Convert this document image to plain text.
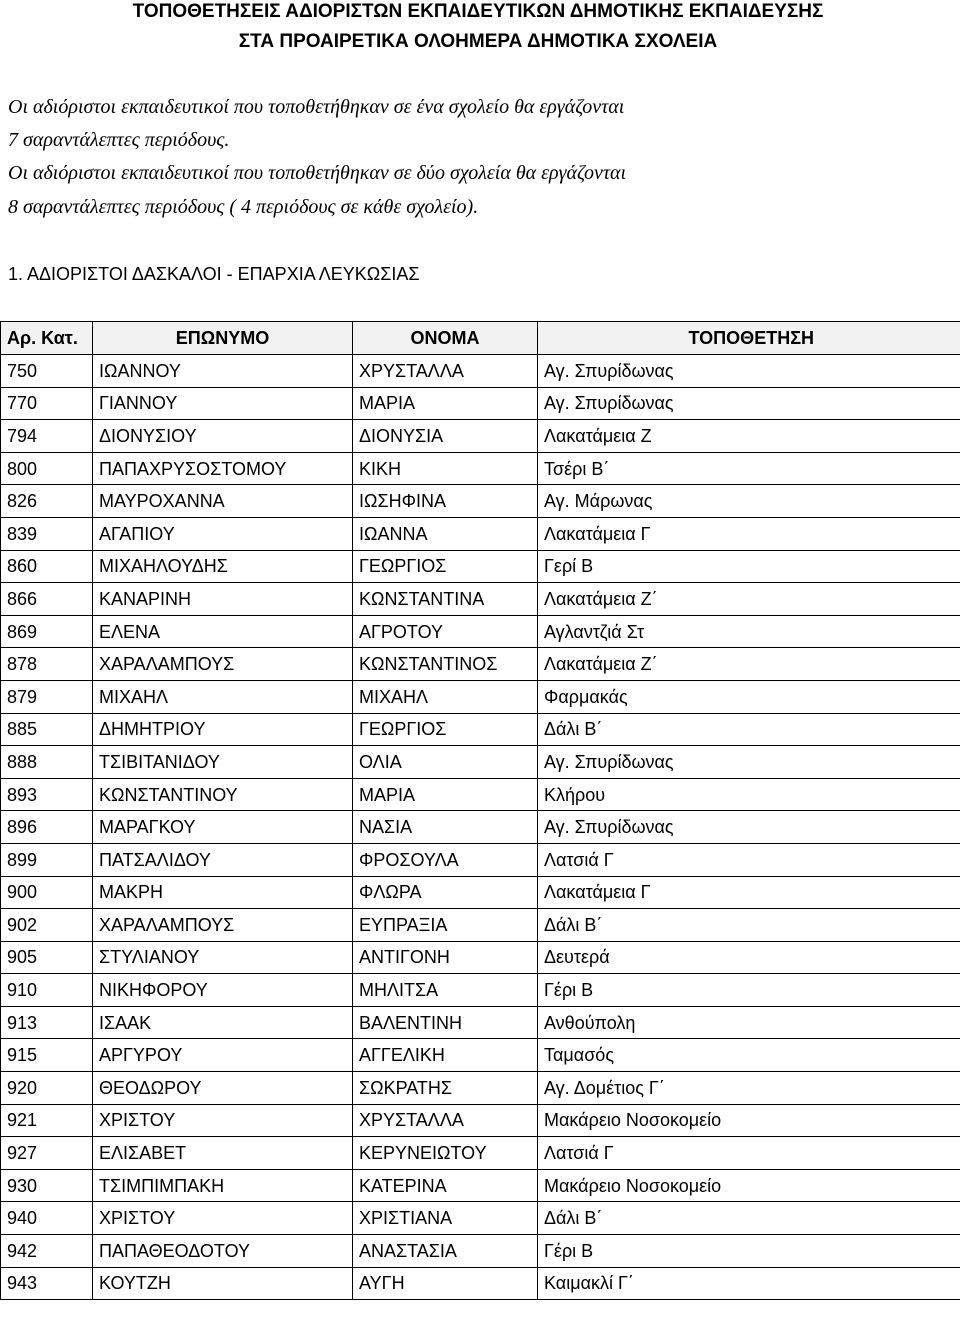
ΤΟΠΟΘΕΤΗΣΕΙΣ ΑΔΙΟΡΙΣΤΩΝ ΕΚΠΑΙΔΕΥΤΙΚΩΝ ΔΗΜΟΤΙΚΗΣ ΕΚΠΑΙΔΕΥΣΗΣ
ΣΤΑ ΠΡΟΑΙΡΕΤΙΚΑ ΟΛΟΗΜΕΡΑ ΔΗΜΟΤΙΚΑ ΣΧΟΛΕΙΑ
Οι αδιόριστοι εκπαιδευτικοί που τοποθετήθηκαν σε ένα σχολείο θα εργάζονται
7 σαραντάλεπτες περιόδους.
Οι αδιόριστοι εκπαιδευτικοί που τοποθετήθηκαν σε δύο σχολεία θα εργάζονται
8 σαραντάλεπτες περιόδους ( 4 περιόδους σε κάθε σχολείο).
1. ΑΔΙΟΡΙΣΤΟΙ ΔΑΣΚΑΛΟΙ - ΕΠΑΡΧΙΑ ΛΕΥΚΩΣΙΑΣ
Αρ. Κατ.	ΕΠΩΝΥΜΟ	ΟΝΟΜΑ	ΤΟΠΟΘΕΤΗΣΗ
750	ΙΩΑΝΝΟΥ	ΧΡΥΣΤΑΛΛΑ	Αγ. Σπυρίδωνας
770	ΓΙΑΝΝΟΥ	ΜΑΡΙΑ	Αγ. Σπυρίδωνας
794	ΔΙΟΝΥΣΙΟΥ	ΔΙΟΝΥΣΙΑ	Λακατάμεια Ζ
800	ΠΑΠΑΧΡΥΣΟΣΤΟΜΟΥ	ΚΙΚΗ	Τσέρι Β΄
826	ΜΑΥΡΟΧΑΝΝΑ	ΙΩΣΗΦΙΝΑ	Αγ. Μάρωνας
839	ΑΓΑΠΙΟΥ	ΙΩΑΝΝΑ	Λακατάμεια Γ
860	ΜΙΧΑΗΛΟΥΔΗΣ	ΓΕΩΡΓΙΟΣ	Γερί Β
866	ΚΑΝΑΡΙΝΗ	ΚΩΝΣΤΑΝΤΙΝΑ	Λακατάμεια Ζ΄
869	ΕΛΕΝΑ	ΑΓΡΟΤΟΥ	Αγλαντζιά Στ
878	ΧΑΡΑΛΑΜΠΟΥΣ	ΚΩΝΣΤΑΝΤΙΝΟΣ	Λακατάμεια Ζ΄
879	ΜΙΧΑΗΛ	ΜΙΧΑΗΛ	Φαρμακάς
885	ΔΗΜΗΤΡΙΟΥ	ΓΕΩΡΓΙΟΣ	Δάλι Β΄
888	ΤΣΙΒΙΤΑΝΙΔΟΥ	ΟΛΙΑ	Αγ. Σπυρίδωνας
893	ΚΩΝΣΤΑΝΤΙΝΟΥ	ΜΑΡΙΑ	Κλήρου
896	ΜΑΡΑΓΚΟΥ	ΝΑΣΙΑ	Αγ. Σπυρίδωνας
899	ΠΑΤΣΑΛΙΔΟΥ	ΦΡΟΣΟΥΛΑ	Λατσιά Γ
900	ΜΑΚΡΗ	ΦΛΩΡΑ	Λακατάμεια Γ
902	ΧΑΡΑΛΑΜΠΟΥΣ	ΕΥΠΡΑΞΙΑ	Δάλι Β΄
905	ΣΤΥΛΙΑΝΟΥ	ΑΝΤΙΓΟΝΗ	Δευτερά
910	ΝΙΚΗΦΟΡΟΥ	ΜΗΛΙΤΣΑ	Γέρι Β
913	ΙΣΑΑΚ	ΒΑΛΕΝΤΙΝΗ	Ανθούπολη
915	ΑΡΓΥΡΟΥ	ΑΓΓΕΛΙΚΗ	Ταμασός
920	ΘΕΟΔΩΡΟΥ	ΣΩΚΡΑΤΗΣ	Αγ. Δομέτιος Γ΄
921	ΧΡΙΣΤΟΥ	ΧΡΥΣΤΑΛΛΑ	Μακάρειο Νοσοκομείο
927	ΕΛΙΣΑΒΕΤ	ΚΕΡΥΝΕΙΩΤΟΥ	Λατσιά Γ
930	ΤΣΙΜΠΙΜΠΑΚΗ	ΚΑΤΕΡΙΝΑ	Μακάρειο Νοσοκομείο
940	ΧΡΙΣΤΟΥ	ΧΡΙΣΤΙΑΝΑ	Δάλι Β΄
942	ΠΑΠΑΘΕΟΔΟΤΟΥ	ΑΝΑΣΤΑΣΙΑ	Γέρι Β
943	ΚΟΥΤΖΗ	ΑΥΓΗ	Καιμακλί Γ΄
